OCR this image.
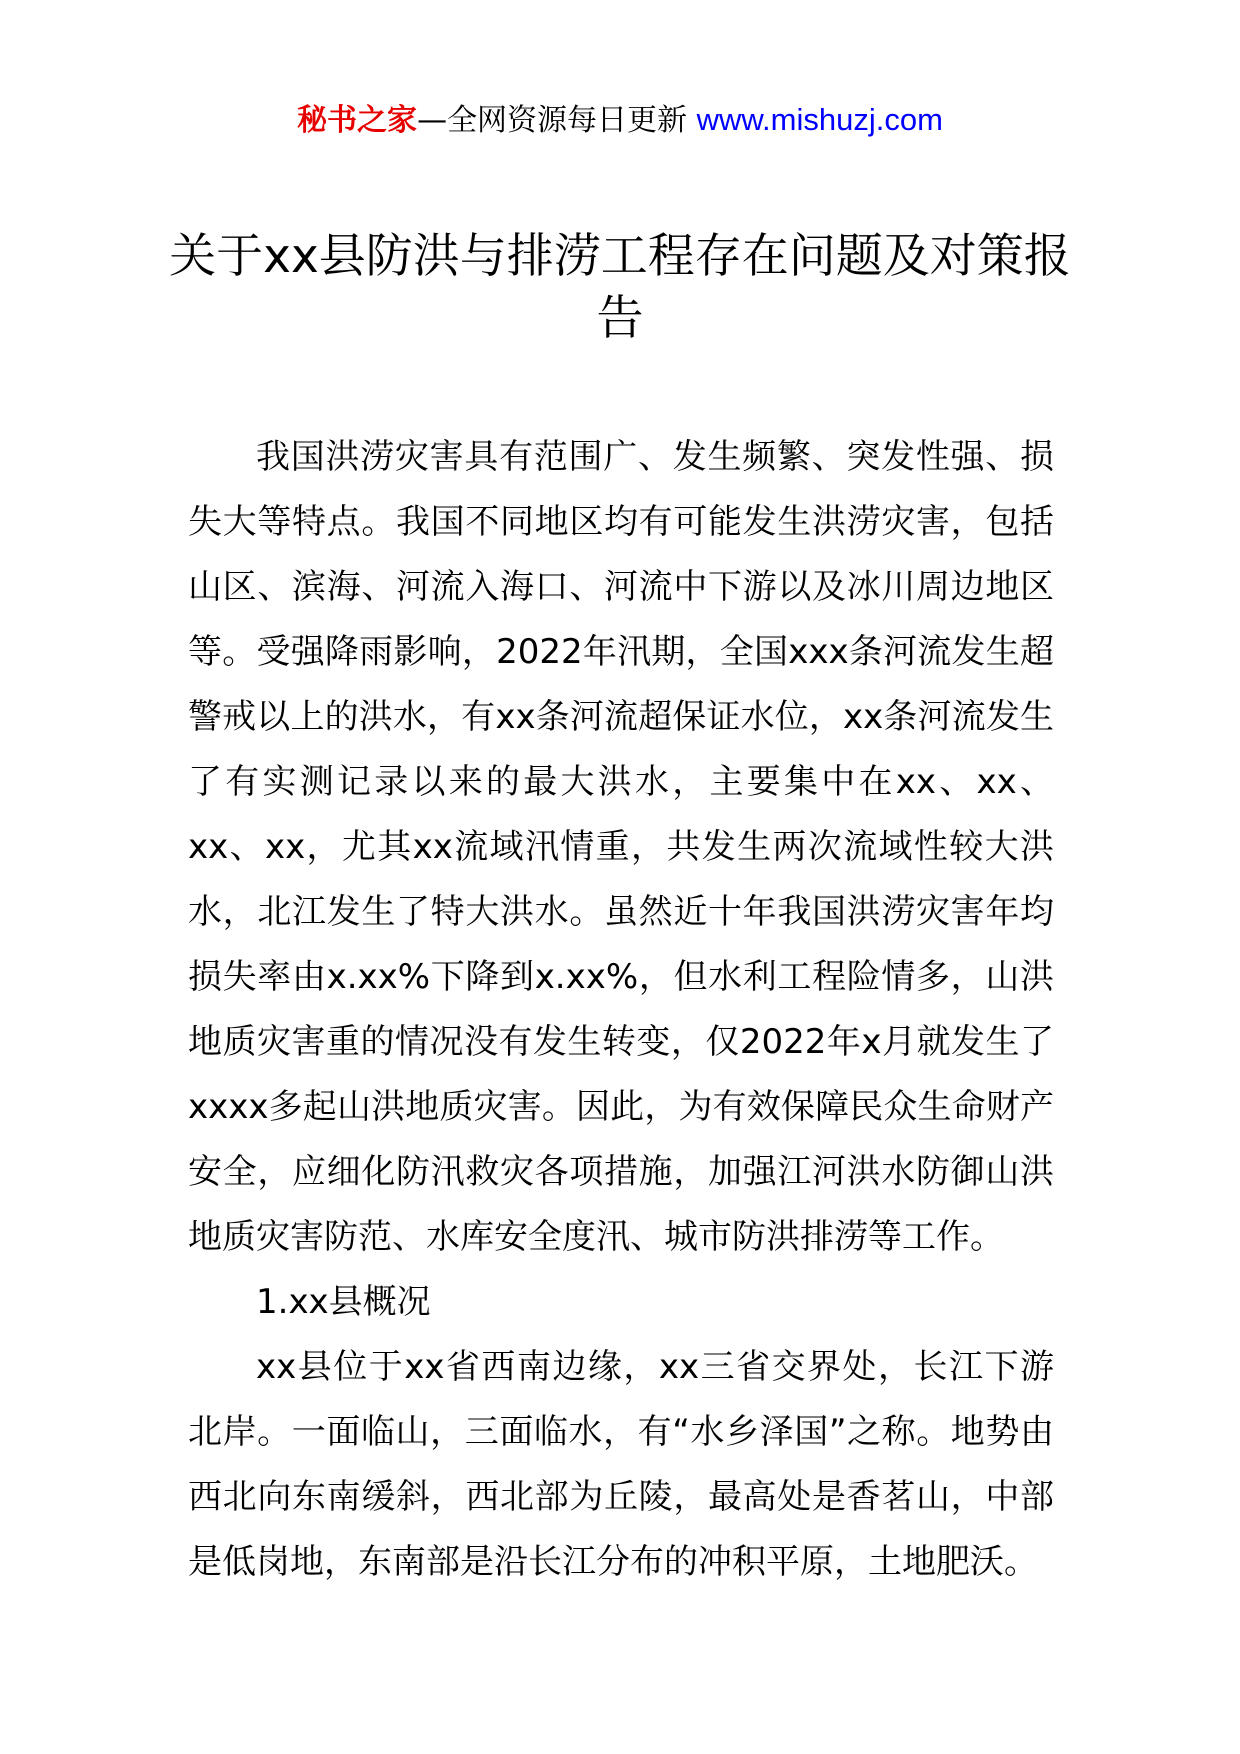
秘书之家—全网资源每日更新 www.mishuzj.com
关于xx县防洪与排涝工程存在问题及对策报告

我国洪涝灾害具有范围广、发生频繁、突发性强、损失大等特点。我国不同地区均有可能发生洪涝灾害，包括山区、滨海、河流入海口、河流中下游以及冰川周边地区等。受强降雨影响，2022年汛期，全国xxx条河流发生超警戒以上的洪水，有xx条河流超保证水位，xx条河流发生了有实测记录以来的最大洪水，主要集中在xx、xx、xx、xx，尤其xx流域汛情重，共发生两次流域性较大洪水，北江发生了特大洪水。虽然近十年我国洪涝灾害年均损失率由x.xx%下降到x.xx%，但水利工程险情多，山洪地质灾害重的情况没有发生转变，仅2022年x月就发生了xxxx多起山洪地质灾害。因此，为有效保障民众生命财产安全，应细化防汛救灾各项措施，加强江河洪水防御山洪地质灾害防范、水库安全度汛、城市防洪排涝等工作。

1.xx县概况

xx县位于xx省西南边缘，xx三省交界处，长江下游北岸。一面临山，三面临水，有“水乡泽国”之称。地势由西北向东南缓斜，西北部为丘陵，最高处是香茗山，中部是低岗地，东南部是沿长江分布的冲积平原，土地肥沃。
